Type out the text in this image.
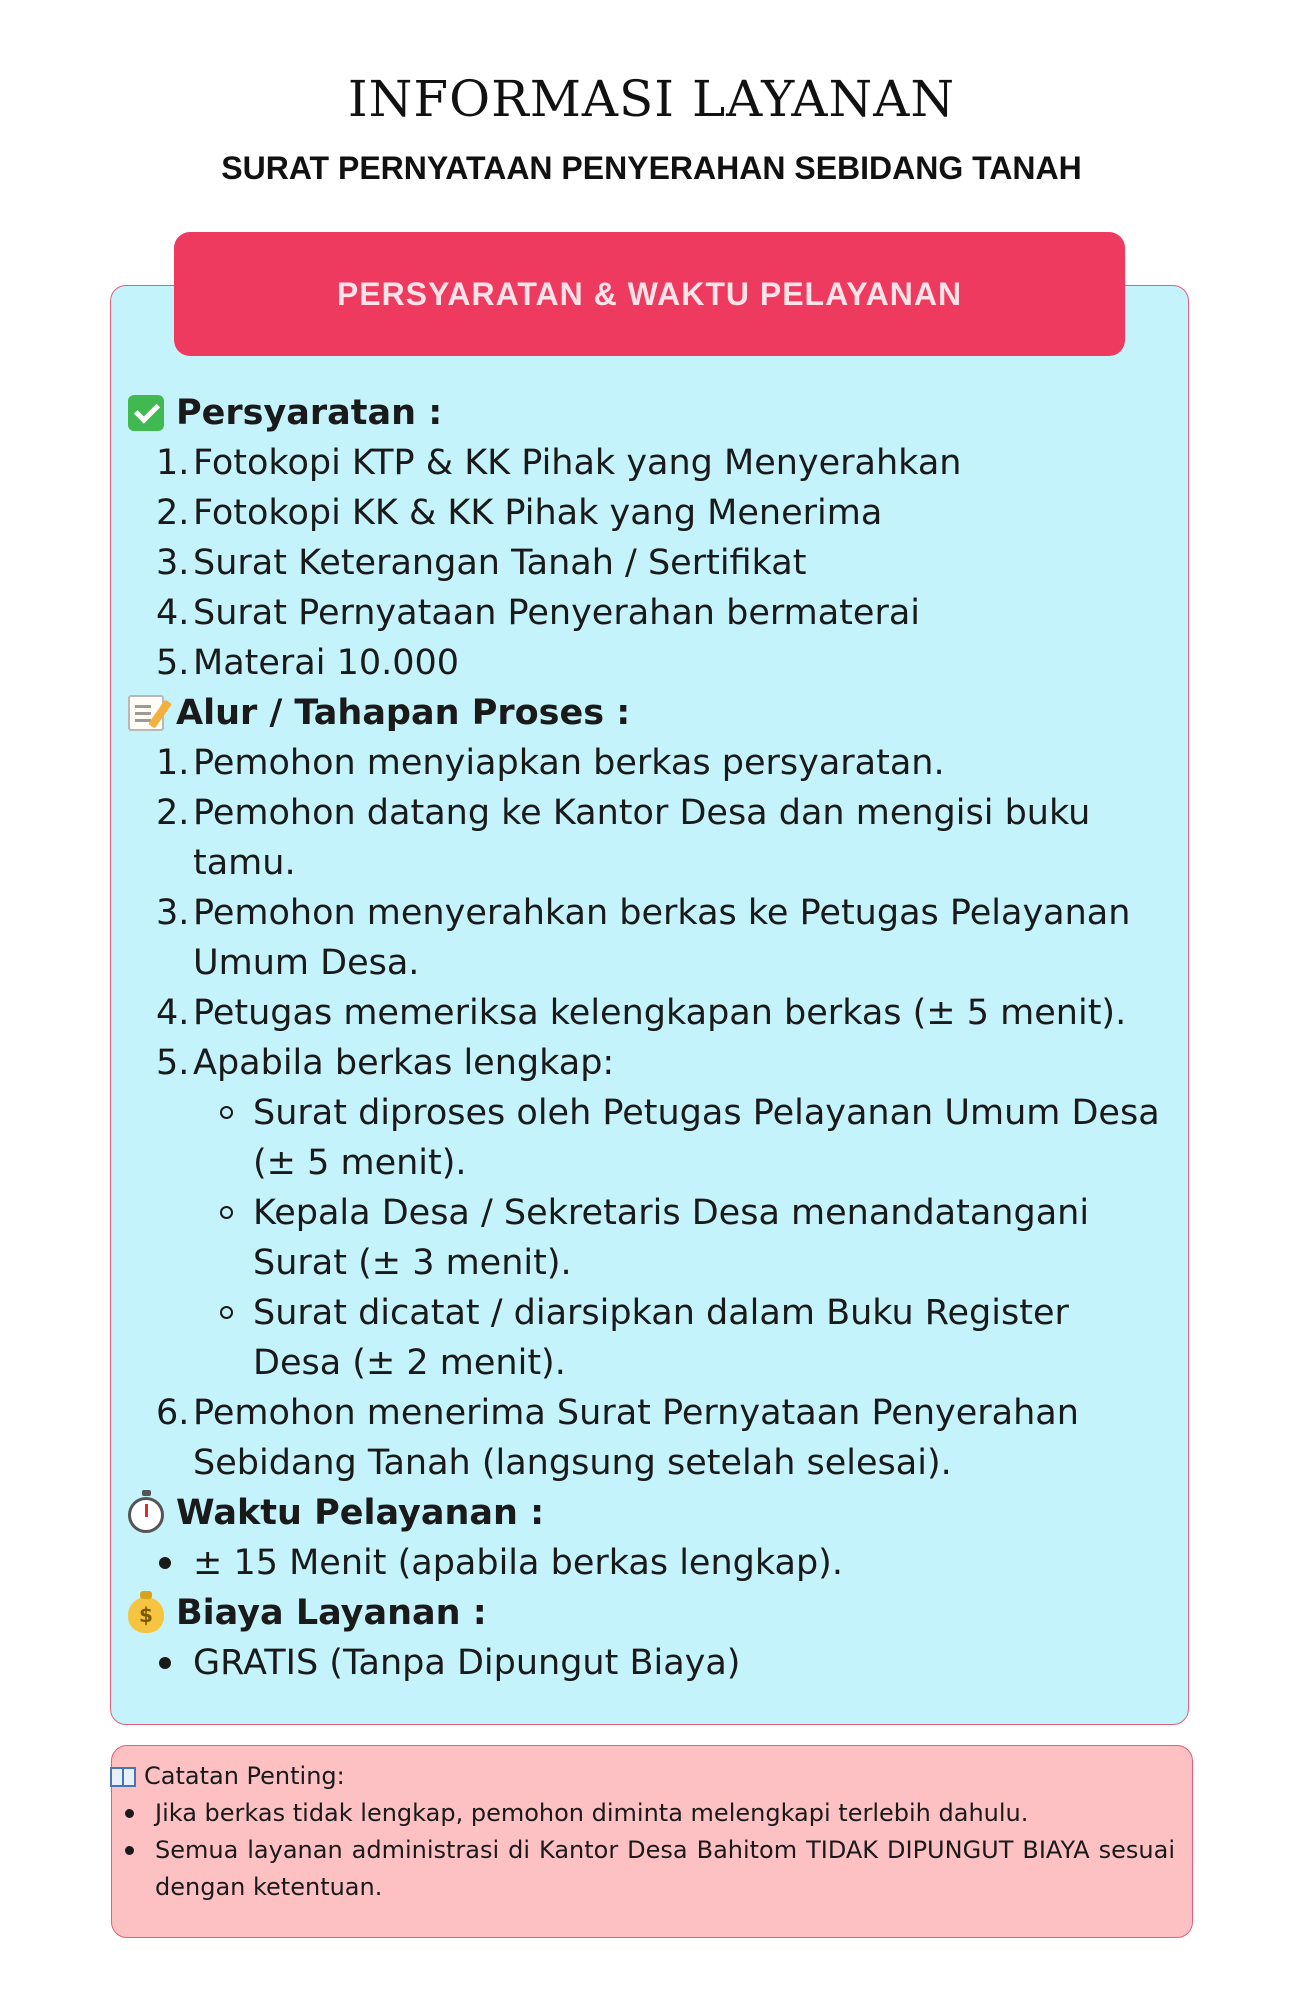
INFORMASI LAYANAN
SURAT PERNYATAAN PENYERAHAN SEBIDANG TANAH
PERSYARATAN & WAKTU PELAYANAN
Persyaratan :
1. Fotokopi KTP & KK Pihak yang Menyerahkan
2. Fotokopi KK & KK Pihak yang Menerima
3. Surat Keterangan Tanah / Sertifikat
4. Surat Pernyataan Penyerahan bermaterai
5. Materai 10.000
Alur / Tahapan Proses :
1. Pemohon menyiapkan berkas persyaratan.
2. Pemohon datang ke Kantor Desa dan mengisi buku tamu.
3. Pemohon menyerahkan berkas ke Petugas Pelayanan Umum Desa.
4. Petugas memeriksa kelengkapan berkas (± 5 menit).
5. Apabila berkas lengkap:
Surat diproses oleh Petugas Pelayanan Umum Desa (± 5 menit).
Kepala Desa / Sekretaris Desa menandatangani Surat (± 3 menit).
Surat dicatat / diarsipkan dalam Buku Register Desa (± 2 menit).
6. Pemohon menerima Surat Pernyataan Penyerahan Sebidang Tanah (langsung setelah selesai).
Waktu Pelayanan :
± 15 Menit (apabila berkas lengkap).
$
Biaya Layanan :
GRATIS (Tanpa Dipungut Biaya)
Catatan Penting:
Jika berkas tidak lengkap, pemohon diminta melengkapi terlebih dahulu.
Semua layanan administrasi di Kantor Desa Bahitom TIDAK DIPUNGUT BIAYA sesuai dengan ketentuan.
